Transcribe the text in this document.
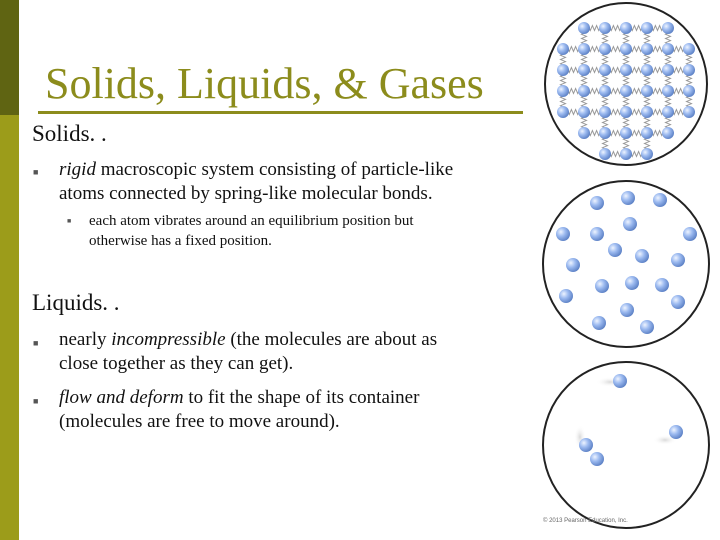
Solids, Liquids, & Gases
Solids. .
■ rigid macroscopic system consisting of particle-like
atoms connected by spring-like molecular bonds.
■ each atom vibrates around an equilibrium position but
otherwise has a fixed position.
Liquids. .
■ nearly incompressible (the molecules are about as
close together as they can get).
■ flow and deform to fit the shape of its container
(molecules are free to move around).
© 2013 Pearson Education, Inc.
